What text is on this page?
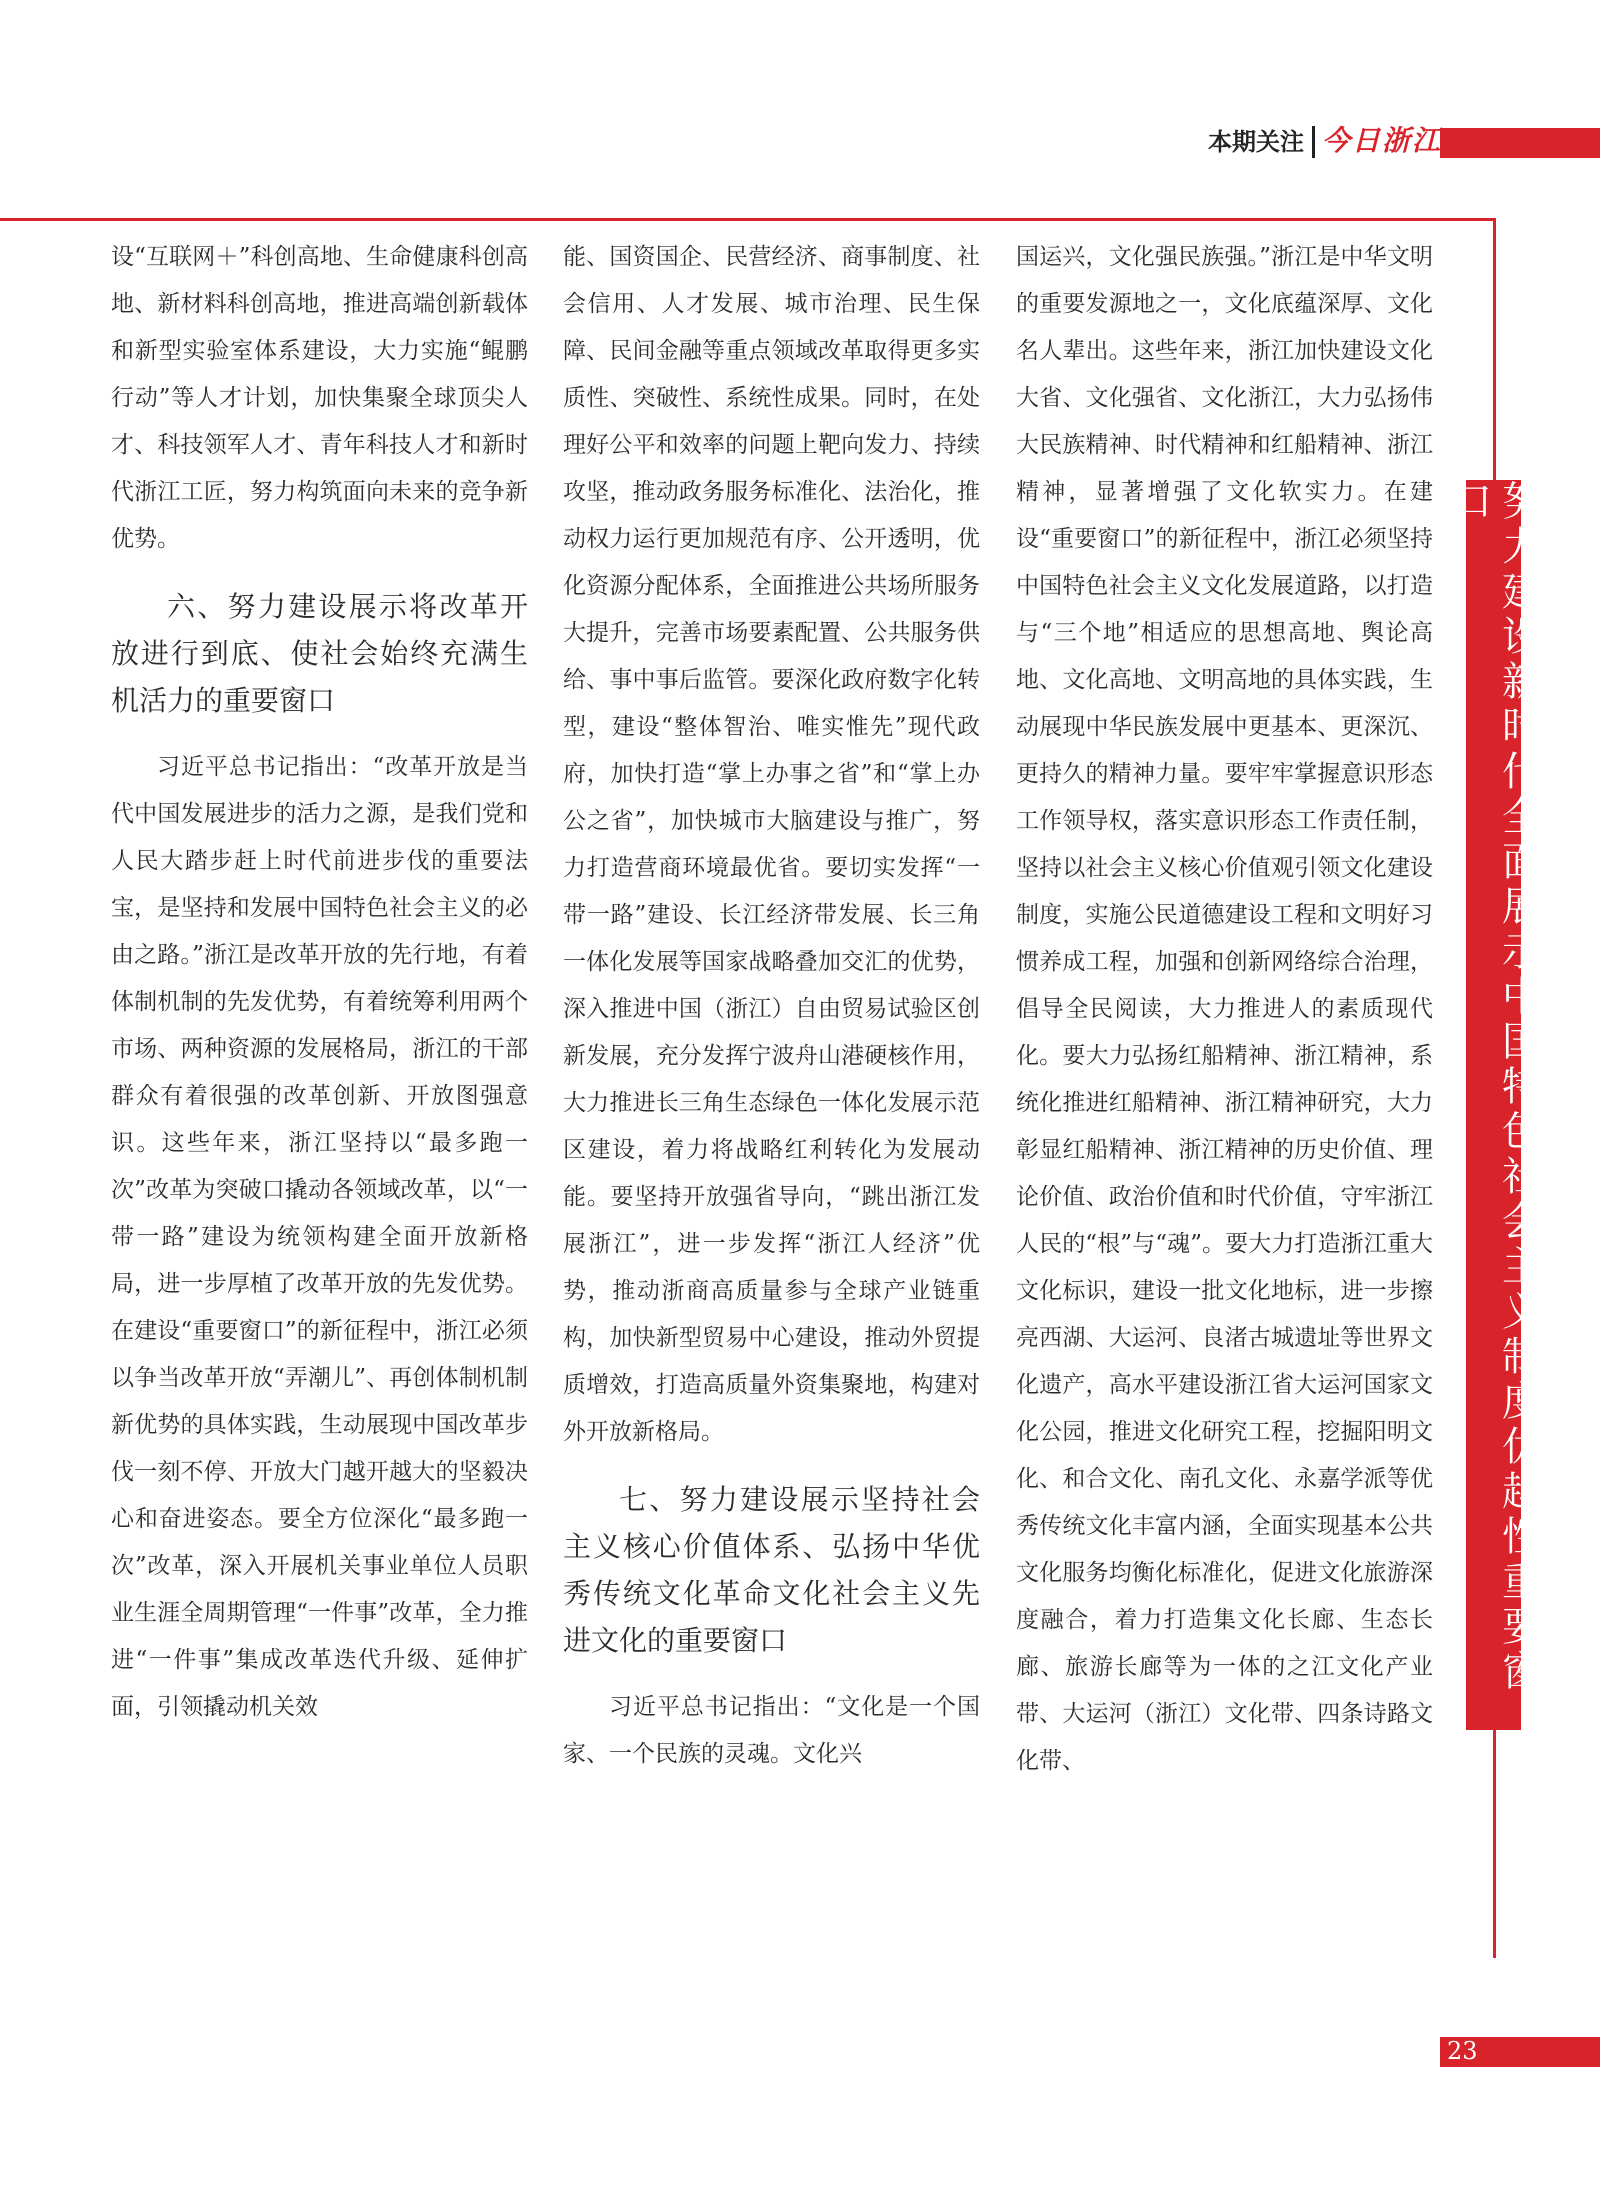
本期关注 今日浙江
努力建设新时代全面展示中国特色社会主义制度优越性重要窗口

设“互联网＋”科创高地、生命健康科创高地、新材料科创高地，推进高端创新载体和新型实验室体系建设，大力实施“鲲鹏行动”等人才计划，加快集聚全球顶尖人才、科技领军人才、青年科技人才和新时代浙江工匠，努力构筑面向未来的竞争新优势。

六、努力建设展示将改革开放进行到底、使社会始终充满生机活力的重要窗口

习近平总书记指出：“改革开放是当代中国发展进步的活力之源，是我们党和人民大踏步赶上时代前进步伐的重要法宝，是坚持和发展中国特色社会主义的必由之路。”浙江是改革开放的先行地，有着体制机制的先发优势，有着统筹利用两个市场、两种资源的发展格局，浙江的干部群众有着很强的改革创新、开放图强意识。这些年来，浙江坚持以“最多跑一次”改革为突破口撬动各领域改革，以“一带一路”建设为统领构建全面开放新格局，进一步厚植了改革开放的先发优势。在建设“重要窗口”的新征程中，浙江必须以争当改革开放“弄潮儿”、再创体制机制新优势的具体实践，生动展现中国改革步伐一刻不停、开放大门越开越大的坚毅决心和奋进姿态。要全方位深化“最多跑一次”改革，深入开展机关事业单位人员职业生涯全周期管理“一件事”改革，全力推进“一件事”集成改革迭代升级、延伸扩面，引领撬动机关效

能、国资国企、民营经济、商事制度、社会信用、人才发展、城市治理、民生保障、民间金融等重点领域改革取得更多实质性、突破性、系统性成果。同时，在处理好公平和效率的问题上靶向发力、持续攻坚，推动政务服务标准化、法治化，推动权力运行更加规范有序、公开透明，优化资源分配体系，全面推进公共场所服务大提升，完善市场要素配置、公共服务供给、事中事后监管。要深化政府数字化转型，建设“整体智治、唯实惟先”现代政府，加快打造“掌上办事之省”和“掌上办公之省”，加快城市大脑建设与推广，努力打造营商环境最优省。要切实发挥“一带一路”建设、长江经济带发展、长三角一体化发展等国家战略叠加交汇的优势，深入推进中国（浙江）自由贸易试验区创新发展，充分发挥宁波舟山港硬核作用，大力推进长三角生态绿色一体化发展示范区建设，着力将战略红利转化为发展动能。要坚持开放强省导向，“跳出浙江发展浙江”，进一步发挥“浙江人经济”优势，推动浙商高质量参与全球产业链重构，加快新型贸易中心建设，推动外贸提质增效，打造高质量外资集聚地，构建对外开放新格局。

七、努力建设展示坚持社会主义核心价值体系、弘扬中华优秀传统文化革命文化社会主义先进文化的重要窗口

习近平总书记指出：“文化是一个国家、一个民族的灵魂。文化兴

国运兴，文化强民族强。”浙江是中华文明的重要发源地之一，文化底蕴深厚、文化名人辈出。这些年来，浙江加快建设文化大省、文化强省、文化浙江，大力弘扬伟大民族精神、时代精神和红船精神、浙江精神，显著增强了文化软实力。在建设“重要窗口”的新征程中，浙江必须坚持中国特色社会主义文化发展道路，以打造与“三个地”相适应的思想高地、舆论高地、文化高地、文明高地的具体实践，生动展现中华民族发展中更基本、更深沉、更持久的精神力量。要牢牢掌握意识形态工作领导权，落实意识形态工作责任制，坚持以社会主义核心价值观引领文化建设制度，实施公民道德建设工程和文明好习惯养成工程，加强和创新网络综合治理，倡导全民阅读，大力推进人的素质现代化。要大力弘扬红船精神、浙江精神，系统化推进红船精神、浙江精神研究，大力彰显红船精神、浙江精神的历史价值、理论价值、政治价值和时代价值，守牢浙江人民的“根”与“魂”。要大力打造浙江重大文化标识，建设一批文化地标，进一步擦亮西湖、大运河、良渚古城遗址等世界文化遗产，高水平建设浙江省大运河国家文化公园，推进文化研究工程，挖掘阳明文化、和合文化、南孔文化、永嘉学派等优秀传统文化丰富内涵，全面实现基本公共文化服务均衡化标准化，促进文化旅游深度融合，着力打造集文化长廊、生态长廊、旅游长廊等为一体的之江文化产业带、大运河（浙江）文化带、四条诗路文化带、

23
